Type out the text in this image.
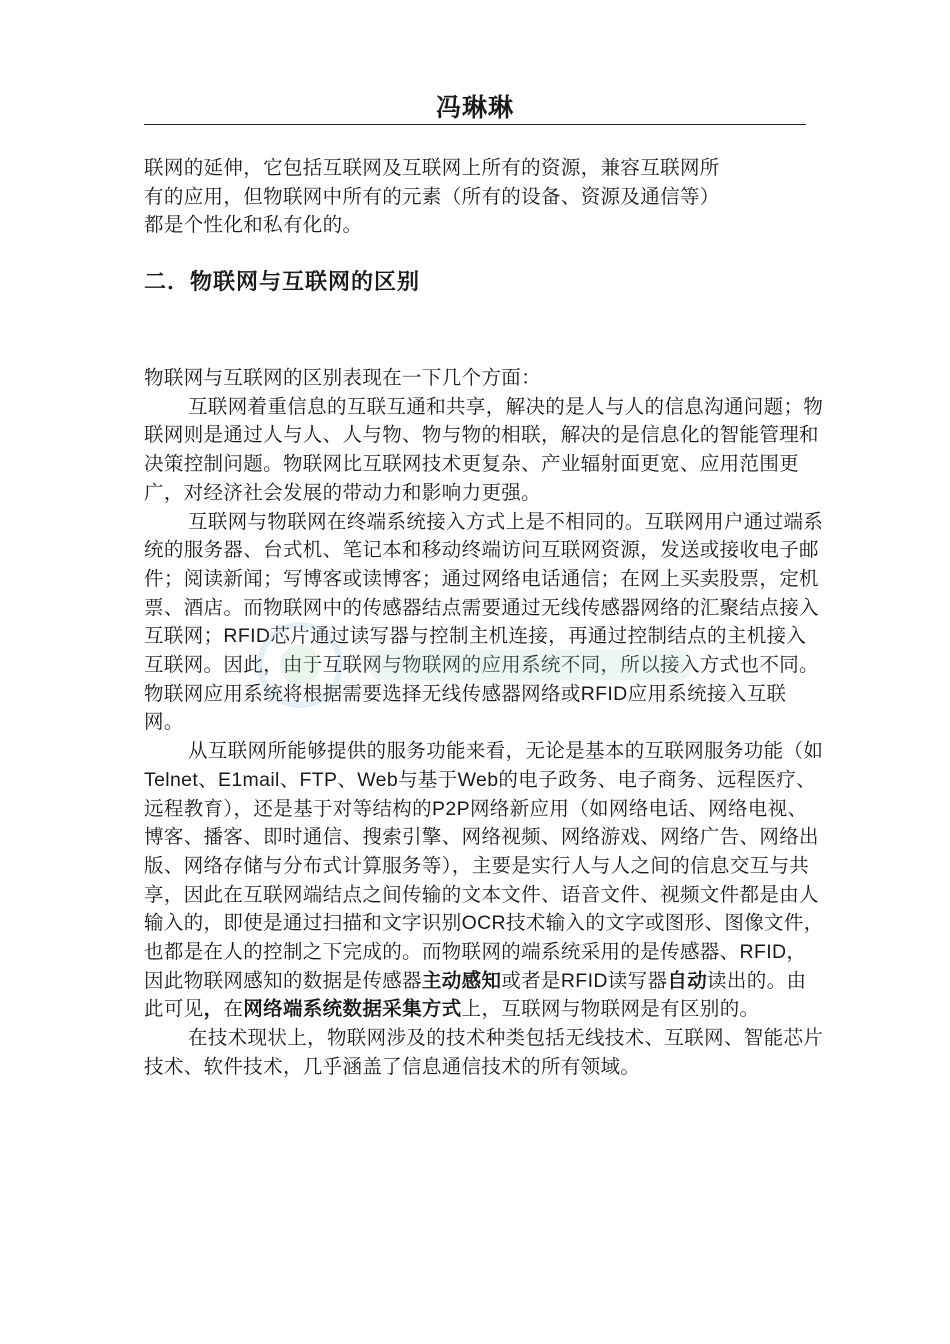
冯琳琳

联网的延伸，它包括互联网及互联网上所有的资源，兼容互联网所

有的应用，但物联网中所有的元素（所有的设备、资源及通信等）

都是个性化和私有化的。

二．物联网与互联网的区别

物联网与互联网的区别表现在一下几个方面：

互联网着重信息的互联互通和共享，解决的是人与人的信息沟通问题；物联网则是通过人与人、人与物、物与物的相联，解决的是信息化的智能管理和决策控制问题。物联网比互联网技术更复杂、产业辐射面更宽、应用范围更广，对经济社会发展的带动力和影响力更强。

互联网与物联网在终端系统接入方式上是不相同的。互联网用户通过端系统的服务器、台式机、笔记本和移动终端访问互联网资源，发送或接收电子邮件；阅读新闻；写博客或读博客；通过网络电话通信；在网上买卖股票，定机票、酒店。而物联网中的传感器结点需要通过无线传感器网络的汇聚结点接入互联网；RFID芯片通过读写器与控制主机连接，再通过控制结点的主机接入互联网。因此，由于互联网与物联网的应用系统不同，所以接入方式也不同。物联网应用系统将根据需要选择无线传感器网络或RFID应用系统接入互联网。

从互联网所能够提供的服务功能来看，无论是基本的互联网服务功能（如Telnet、E1mail、FTP、Web与基于Web的电子政务、电子商务、远程医疗、远程教育），还是基于对等结构的P2P网络新应用（如网络电话、网络电视、博客、播客、即时通信、搜索引擎、网络视频、网络游戏、网络广告、网络出版、网络存储与分布式计算服务等），主要是实行人与人之间的信息交互与共享，因此在互联网端结点之间传输的文本文件、语音文件、视频文件都是由人输入的，即使是通过扫描和文字识别OCR技术输入的文字或图形、图像文件，也都是在人的控制之下完成的。而物联网的端系统采用的是传感器、RFID，因此物联网感知的数据是传感器主动感知或者是RFID读写器自动读出的。由此可见，在网络端系统数据采集方式上，互联网与物联网是有区别的。

在技术现状上，物联网涉及的技术种类包括无线技术、互联网、智能芯片技术、软件技术，几乎涵盖了信息通信技术的所有领域。
